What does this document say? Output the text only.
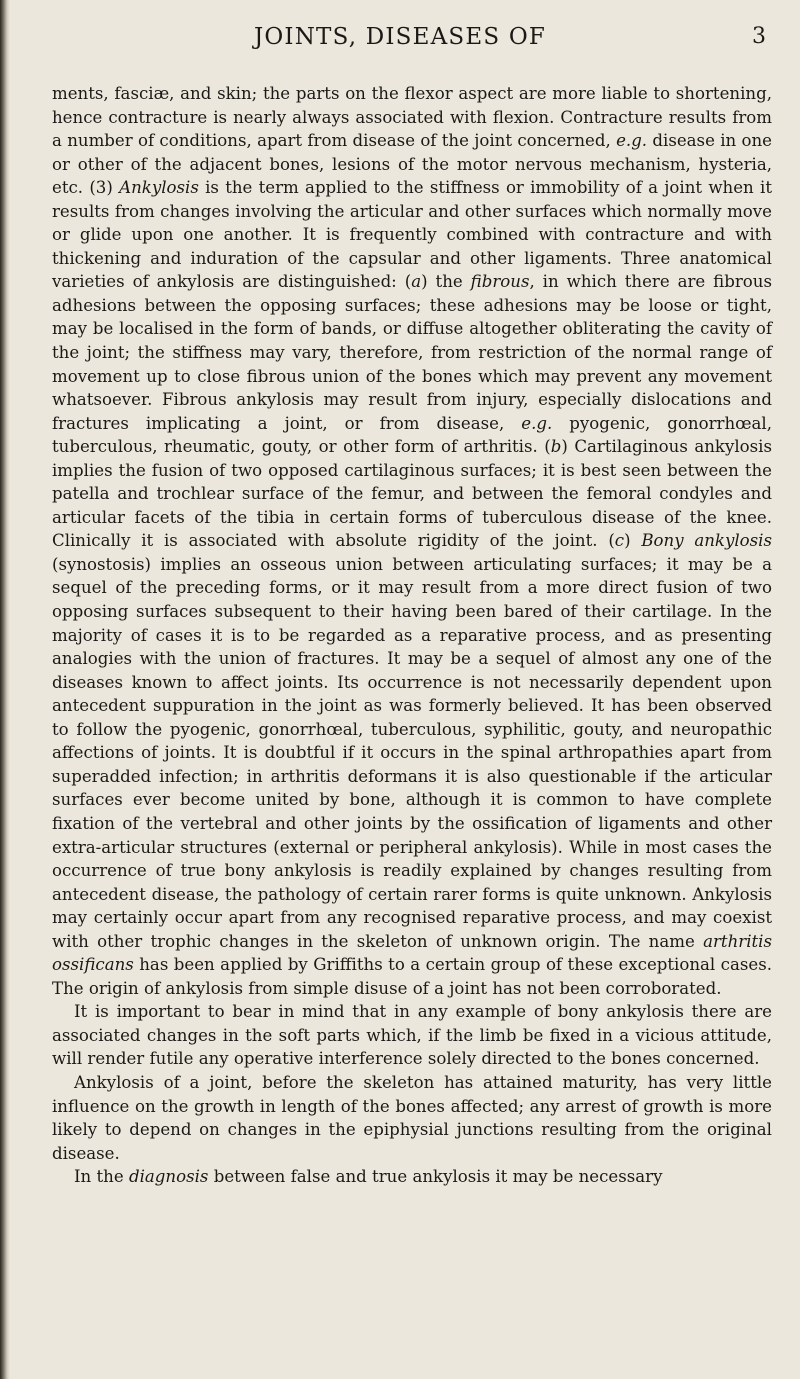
JOINTS, DISEASES OF	3

ments, fasciæ, and skin; the parts on the flexor aspect are more liable to shortening, hence contracture is nearly always associated with flexion. Contracture results from a number of conditions, apart from disease of the joint concerned, e.g. disease in one or other of the adjacent bones, lesions of the motor nervous mechanism, hysteria, etc. (3) Ankylosis is the term applied to the stiffness or immobility of a joint when it results from changes involving the articular and other surfaces which normally move or glide upon one another. It is frequently combined with contracture and with thickening and induration of the capsular and other ligaments. Three anatomical varieties of ankylosis are distinguished: (a) the fibrous, in which there are fibrous adhesions between the opposing surfaces; these adhesions may be loose or tight, may be localised in the form of bands, or diffuse altogether obliterating the cavity of the joint; the stiffness may vary, therefore, from restriction of the normal range of movement up to close fibrous union of the bones which may prevent any movement whatsoever. Fibrous ankylosis may result from injury, especially dislocations and fractures implicating a joint, or from disease, e.g. pyogenic, gonorrhœal, tuberculous, rheumatic, gouty, or other form of arthritis. (b) Cartilaginous ankylosis implies the fusion of two opposed cartilaginous surfaces; it is best seen between the patella and trochlear surface of the femur, and between the femoral condyles and articular facets of the tibia in certain forms of tuberculous disease of the knee. Clinically it is associated with absolute rigidity of the joint. (c) Bony ankylosis (synostosis) implies an osseous union between articulating surfaces; it may be a sequel of the preceding forms, or it may result from a more direct fusion of two opposing surfaces subsequent to their having been bared of their cartilage. In the majority of cases it is to be regarded as a reparative process, and as presenting analogies with the union of fractures. It may be a sequel of almost any one of the diseases known to affect joints. Its occurrence is not necessarily dependent upon antecedent suppuration in the joint as was formerly believed. It has been observed to follow the pyogenic, gonorrhœal, tuberculous, syphilitic, gouty, and neuropathic affections of joints. It is doubtful if it occurs in the spinal arthropathies apart from superadded infection; in arthritis deformans it is also questionable if the articular surfaces ever become united by bone, although it is common to have complete fixation of the vertebral and other joints by the ossification of ligaments and other extra-articular structures (external or peripheral ankylosis). While in most cases the occurrence of true bony ankylosis is readily explained by changes resulting from antecedent disease, the pathology of certain rarer forms is quite unknown. Ankylosis may certainly occur apart from any recognised reparative process, and may coexist with other trophic changes in the skeleton of unknown origin. The name arthritis ossificans has been applied by Griffiths to a certain group of these exceptional cases. The origin of ankylosis from simple disuse of a joint has not been corroborated.

It is important to bear in mind that in any example of bony ankylosis there are associated changes in the soft parts which, if the limb be fixed in a vicious attitude, will render futile any operative interference solely directed to the bones concerned.

Ankylosis of a joint, before the skeleton has attained maturity, has very little influence on the growth in length of the bones affected; any arrest of growth is more likely to depend on changes in the epiphysial junctions resulting from the original disease.

In the diagnosis between false and true ankylosis it may be necessary
